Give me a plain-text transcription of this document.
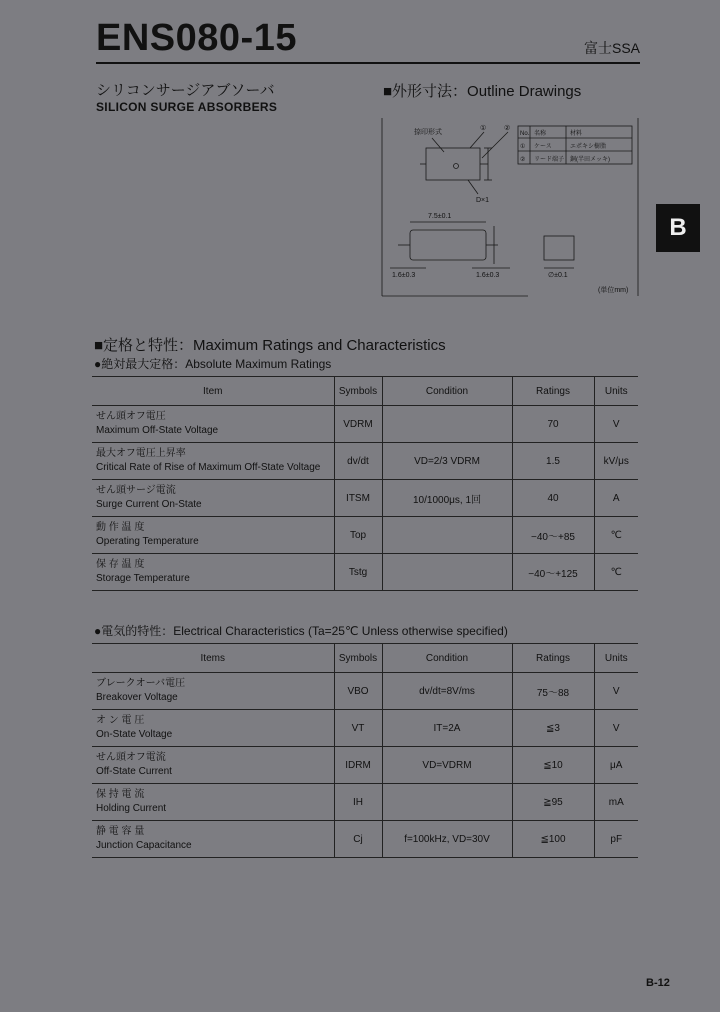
ENS080-15	富士SSA
シリコンサージアブソーバ
SILICON SURGE ABSORBERS
■外形寸法：Outline Drawings
B
捺印形式
①	②
D×1
No. 名称	材料
① ケース	エポキシ樹脂
② リード端子 銅(半田メッキ)
7.5±0.1
1.6±0.3	1.6±0.3	∅±0.1
(単位mm)
■定格と特性：Maximum Ratings and Characteristics
●絶対最大定格：Absolute Maximum Ratings
Item	Symbols	Condition	Ratings	Units

せん頭オフ電圧
Maximum Off-State Voltage	VDRM		70	V

最大オフ電圧上昇率
Critical Rate of Rise of Maximum Off-State Voltage	dv/dt	VD=2/3 VDRM	1.5	kV/μs

せん頭サージ電流
Surge Current On-State	ITSM	10/1000μs, 1回	40	A

動 作 温 度
Operating Temperature	Top		−40〜+85	℃

保 存 温 度
Storage Temperature	Tstg		−40〜+125	℃
●電気的特性：Electrical Characteristics (Ta=25℃ Unless otherwise specified)
Items	Symbols	Condition	Ratings	Units

ブレークオーバ電圧
Breakover Voltage	VBO	dv/dt=8V/ms	75〜88	V

オ ン 電 圧
On-State Voltage	VT	IT=2A	≦3	V

せん頭オフ電流
Off-State Current	IDRM	VD=VDRM	≦10	μA

保 持 電 流
Holding Current	IH		≧95	mA

静 電 容 量
Junction Capacitance	Cj	f=100kHz, VD=30V	≦100	pF
B-12
